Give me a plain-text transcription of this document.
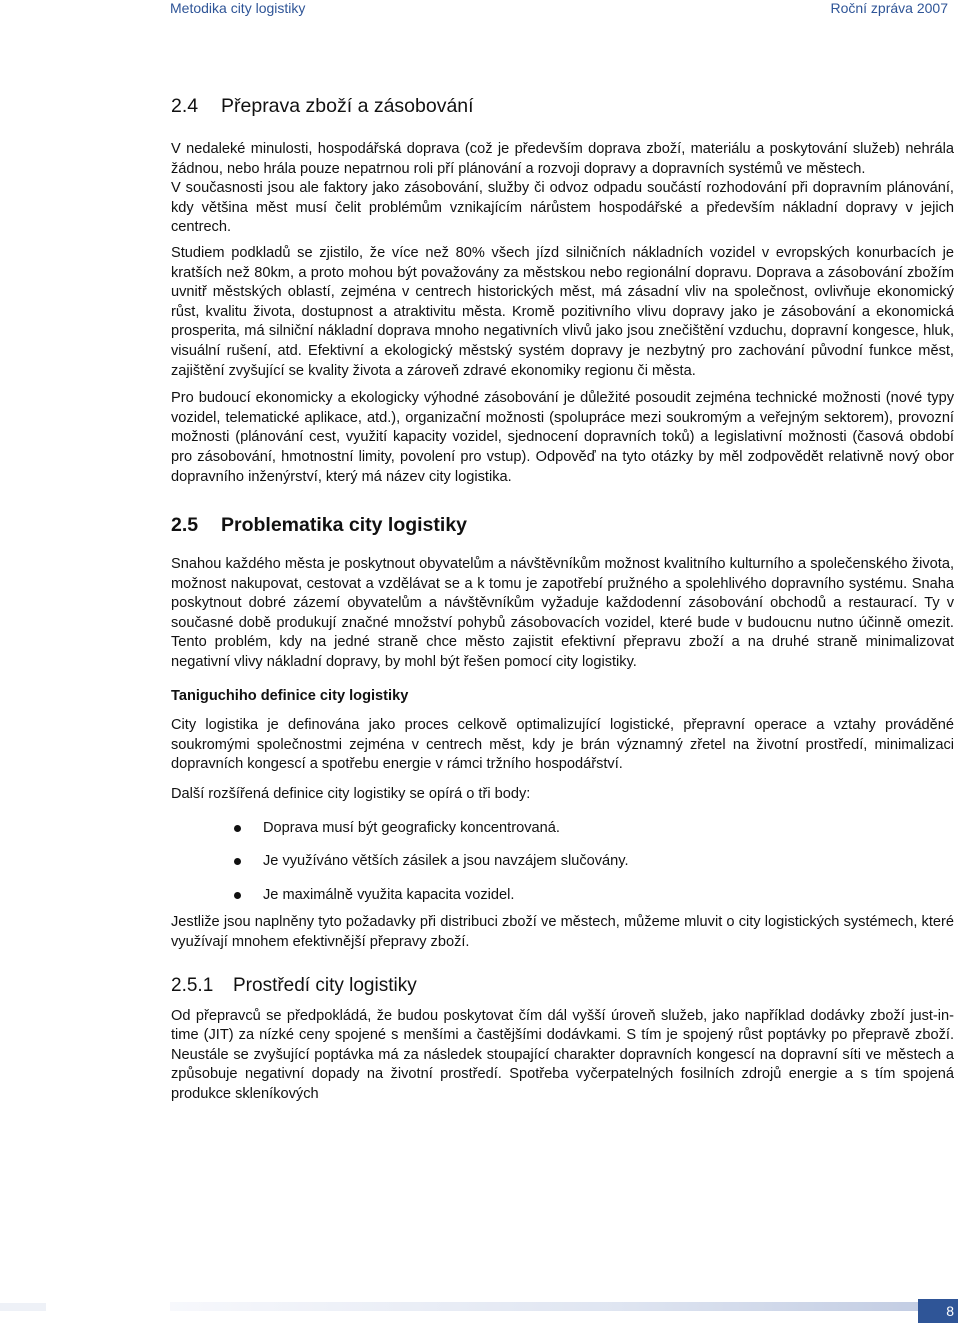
Metodika city logistiky	Roční zpráva 2007
2.4 Přeprava zboží a zásobování

V nedaleké minulosti, hospodářská doprava (což je především doprava zboží, materiálu a poskytování služeb) nehrála žádnou, nebo hrála pouze nepatrnou roli pří plánování a rozvoji dopravy a dopravních systémů ve městech.

V současnosti jsou ale faktory jako zásobování, služby či odvoz odpadu součástí rozhodování při dopravním plánování, kdy většina měst musí čelit problémům vznikajícím nárůstem hospodářské a především nákladní dopravy v jejich centrech.

Studiem podkladů se zjistilo, že více než 80% všech jízd silničních nákladních vozidel v evropských konurbacích je kratších než 80km, a proto mohou být považovány za městskou nebo regionální dopravu. Doprava a zásobování zbožím uvnitř městských oblastí, zejména v centrech historických měst, má zásadní vliv na společnost, ovlivňuje ekonomický růst, kvalitu života, dostupnost a atraktivitu města. Kromě pozitivního vlivu dopravy jako je zásobování a ekonomická prosperita, má silniční nákladní doprava mnoho negativních vlivů jako jsou znečištění vzduchu, dopravní kongesce, hluk, visuální rušení, atd. Efektivní a ekologický městský systém dopravy je nezbytný pro zachování původní funkce měst, zajištění zvyšující se kvality života a zároveň zdravé ekonomiky regionu či města.

Pro budoucí ekonomicky a ekologicky výhodné zásobování je důležité posoudit zejména technické možnosti (nové typy vozidel, telematické aplikace, atd.), organizační možnosti (spolupráce mezi soukromým a veřejným sektorem), provozní možnosti (plánování cest, využití kapacity vozidel, sjednocení dopravních toků) a legislativní možnosti (časová období pro zásobování, hmotnostní limity, povolení pro vstup). Odpověď na tyto otázky by měl zodpovědět relativně nový obor dopravního inženýrství, který má název city logistika.

2.5 Problematika city logistiky

Snahou každého města je poskytnout obyvatelům a návštěvníkům možnost kvalitního kulturního a společenského života, možnost nakupovat, cestovat a vzdělávat se a k tomu je zapotřebí pružného a spolehlivého dopravního systému. Snaha poskytnout dobré zázemí obyvatelům a návštěvníkům vyžaduje každodenní zásobování obchodů a restaurací. Ty v současné době produkují značné množství pohybů zásobovacích vozidel, které bude v budoucnu nutno účinně omezit. Tento problém, kdy na jedné straně chce město zajistit efektivní přepravu zboží a na druhé straně minimalizovat negativní vlivy nákladní dopravy, by mohl být řešen pomocí city logistiky.

Taniguchiho definice city logistiky

City logistika je definována jako proces celkově optimalizující logistické, přepravní operace a vztahy prováděné soukromými společnostmi zejména v centrech měst, kdy je brán významný zřetel na životní prostředí, minimalizaci dopravních kongescí a spotřebu energie v rámci tržního hospodářství.

Další rozšířená definice city logistiky se opírá o tři body:

Doprava musí být geograficky koncentrovaná.
Je využíváno větších zásilek a jsou navzájem slučovány.
Je maximálně využita kapacita vozidel.

Jestliže jsou naplněny tyto požadavky při distribuci zboží ve městech, můžeme mluvit o city logistických systémech, které využívají mnohem efektivnější přepravy zboží.

2.5.1 Prostředí city logistiky

Od přepravců se předpokládá, že budou poskytovat čím dál vyšší úroveň služeb, jako například dodávky zboží just-in-time (JIT) za nízké ceny spojené s menšími a častějšími dodávkami. S tím je spojený růst poptávky po přepravě zboží. Neustále se zvyšující poptávka má za následek stoupající charakter dopravních kongescí na dopravní síti ve městech a způsobuje negativní dopady na životní prostředí. Spotřeba vyčerpatelných fosilních zdrojů energie a s tím spojená produkce skleníkových

8
